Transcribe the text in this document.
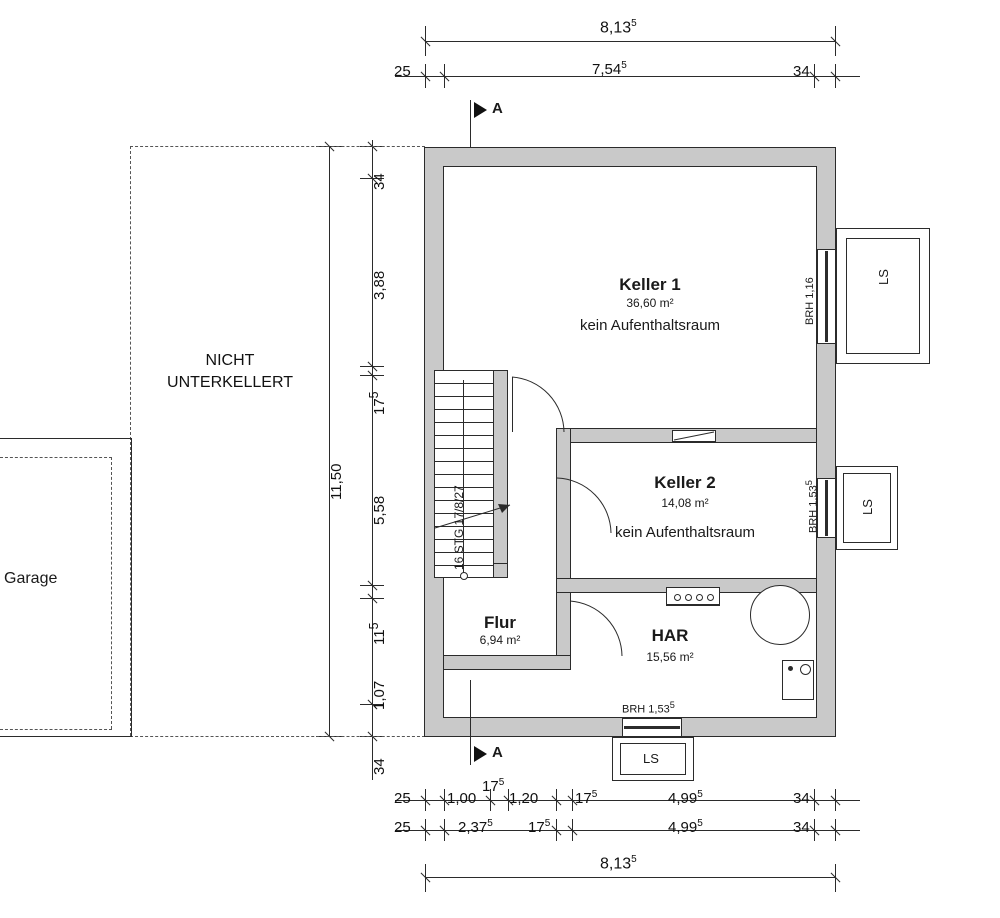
8,13$^5$
25	7,54$^5$	34
A
11,50
34
3,88
$17^5$
5,58
$11^5$
1,07
34
NICHT
UNTERKELLERT
Garage
16 STG 17/8/27
Keller 1
36,60 m²
kein Aufenthaltsraum
Keller 2
14,08 m²
kein Aufenthaltsraum
Flur
6,94 m²	HAR
15,56 m²
LS
BRH 1,16
LS
BRH 1,53$^5$
LS
BRH 1,53$^5$
A
25 1,00
$17^5$
1,20 $17^5$	4,99$^5$	34
25	2,37$^5$ $17^5$	4,99$^5$	34
8,13$^5$
